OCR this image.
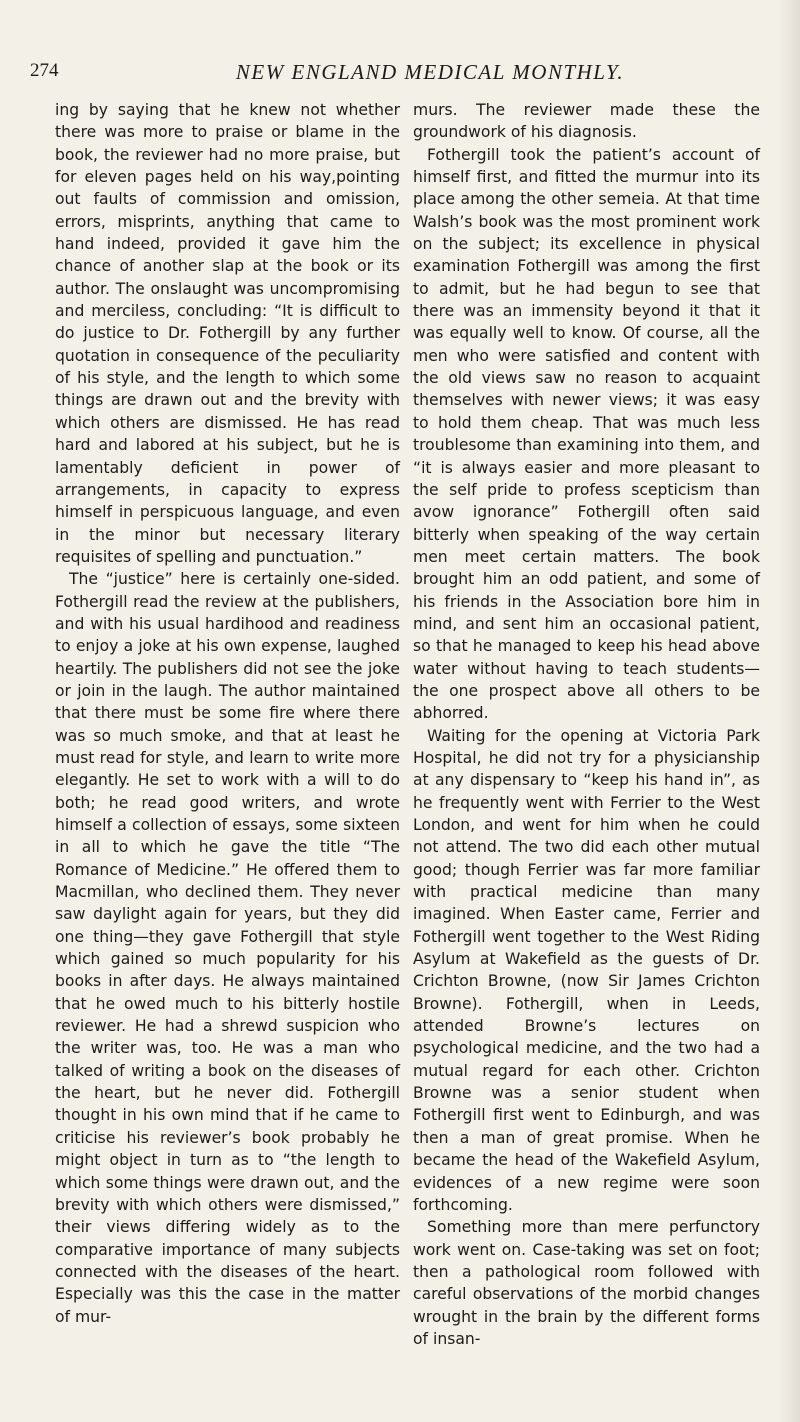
274	NEW ENGLAND MEDICAL MONTHLY.

ing by saying that he knew not whether there was more to praise or blame in the book, the reviewer had no more praise, but for eleven pages held on his way,pointing out faults of commission and omission, errors, misprints, anything that came to hand indeed, provided it gave him the chance of another slap at the book or its author. The onslaught was uncompromising and merciless, concluding: “It is difficult to do justice to Dr. Fothergill by any further quotation in consequence of the peculiarity of his style, and the length to which some things are drawn out and the brevity with which others are dismissed. He has read hard and labored at his subject, but he is lamentably deficient in power of arrangements, in capacity to express himself in perspicuous language, and even in the minor but necessary literary requisites of spelling and punctuation.”

The “justice” here is certainly one-sided. Fothergill read the review at the publishers, and with his usual hardihood and readiness to enjoy a joke at his own expense, laughed heartily. The publishers did not see the joke or join in the laugh. The author maintained that there must be some fire where there was so much smoke, and that at least he must read for style, and learn to write more elegantly. He set to work with a will to do both; he read good writers, and wrote himself a collection of essays, some sixteen in all to which he gave the title “The Romance of Medicine.” He offered them to Macmillan, who declined them. They never saw daylight again for years, but they did one thing—they gave Fothergill that style which gained so much popularity for his books in after days. He always maintained that he owed much to his bitterly hostile reviewer. He had a shrewd suspicion who the writer was, too. He was a man who talked of writing a book on the diseases of the heart, but he never did. Fothergill thought in his own mind that if he came to criticise his reviewer’s book probably he might object in turn as to “the length to which some things were drawn out, and the brevity with which others were dismissed,” their views differing widely as to the comparative importance of many subjects connected with the diseases of the heart. Especially was this the case in the matter of mur-

murs. The reviewer made these the groundwork of his diagnosis.

Fothergill took the patient’s account of himself first, and fitted the murmur into its place among the other semeia. At that time Walsh’s book was the most prominent work on the subject; its excellence in physical examination Fothergill was among the first to admit, but he had begun to see that there was an immensity beyond it that it was equally well to know. Of course, all the men who were satisfied and content with the old views saw no reason to acquaint themselves with newer views; it was easy to hold them cheap. That was much less troublesome than examining into them, and “it is always easier and more pleasant to the self pride to profess scepticism than avow ignorance” Fothergill often said bitterly when speaking of the way certain men meet certain matters. The book brought him an odd patient, and some of his friends in the Association bore him in mind, and sent him an occasional patient, so that he managed to keep his head above water without having to teach students—the one prospect above all others to be abhorred.

Waiting for the opening at Victoria Park Hospital, he did not try for a physicianship at any dispensary to “keep his hand in”, as he frequently went with Ferrier to the West London, and went for him when he could not attend. The two did each other mutual good; though Ferrier was far more familiar with practical medicine than many imagined. When Easter came, Ferrier and Fothergill went together to the West Riding Asylum at Wakefield as the guests of Dr. Crichton Browne, (now Sir James Crichton Browne). Fothergill, when in Leeds, attended Browne’s lectures on psychological medicine, and the two had a mutual regard for each other. Crichton Browne was a senior student when Fothergill first went to Edinburgh, and was then a man of great promise. When he became the head of the Wakefield Asylum, evidences of a new regime were soon forthcoming.

Something more than mere perfunctory work went on. Case-taking was set on foot; then a pathological room followed with careful observations of the morbid changes wrought in the brain by the different forms of insan-
